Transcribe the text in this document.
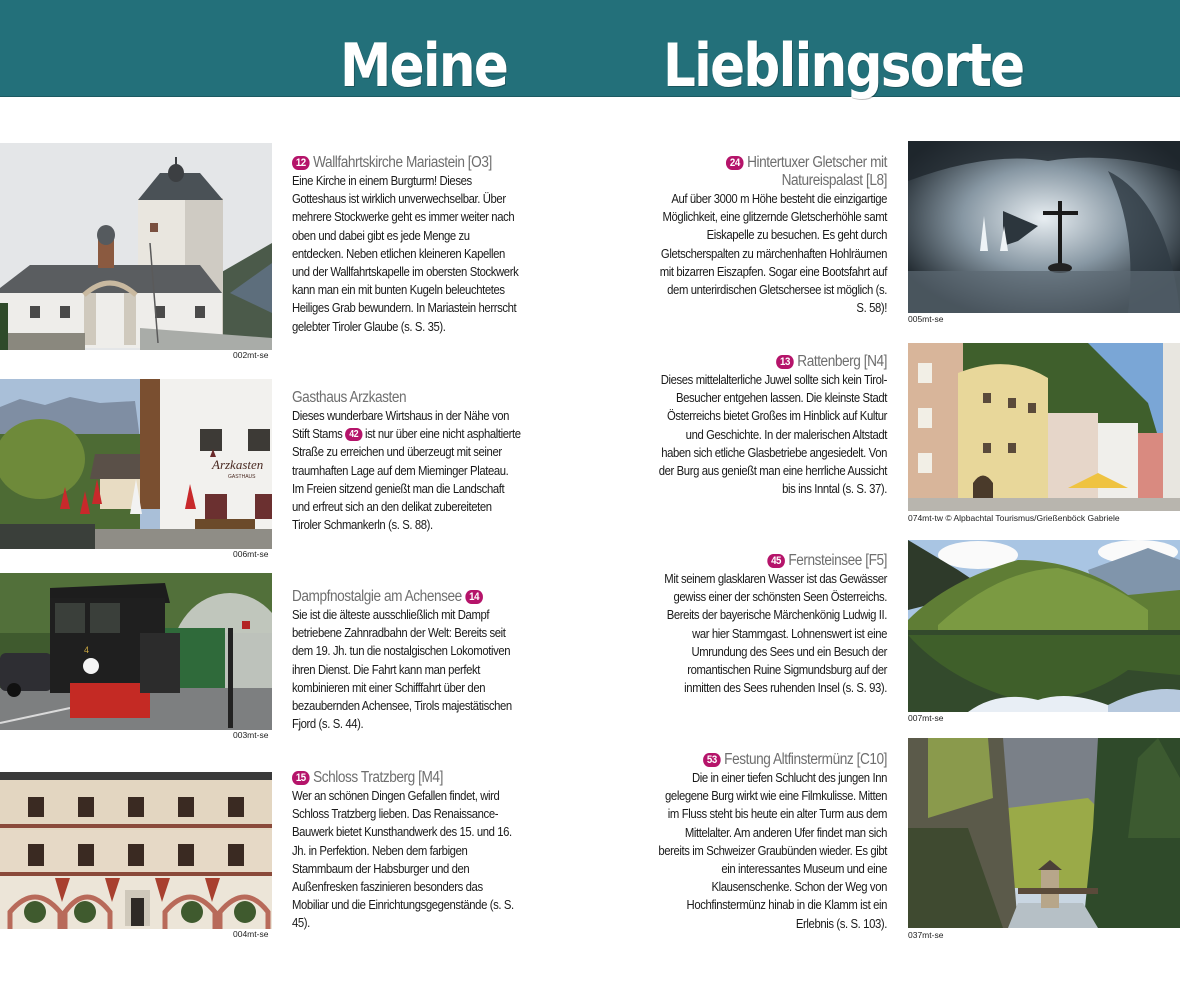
Meine	Lieblingsorte
002mt-se
Arzkasten
GASTHAUS
006mt-se
4
003mt-se
004mt-se
12 Wallfahrtskirche Mariastein [O3]

Eine Kirche in einem Burgturm! Dieses Gotteshaus ist wirklich unverwechselbar. Über mehrere Stockwerke geht es immer weiter nach oben und dabei gibt es jede Menge zu entdecken. Neben etlichen kleineren Kapellen und der Wallfahrtskapelle im obersten Stockwerk kann man ein mit bunten Kugeln beleuchtetes Heiliges Grab bewundern. In Mariastein herrscht gelebter Tiroler Glaube (s. S. 35).

Gasthaus Arzkasten

Dieses wunderbare Wirtshaus in der Nähe von Stift Stams 42 ist nur über eine nicht asphaltierte Straße zu erreichen und überzeugt mit seiner traumhaften Lage auf dem Mieminger Plateau. Im Freien sitzend genießt man die Landschaft und erfreut sich an den delikat zubereiteten Tiroler Schmankerln (s. S. 88).

Dampfnostalgie am Achensee 14

Sie ist die älteste ausschließlich mit Dampf betriebene Zahnradbahn der Welt: Bereits seit dem 19. Jh. tun die nostalgischen Lokomotiven ihren Dienst. Die Fahrt kann man perfekt kombinieren mit einer Schifffahrt über den bezaubernden Achensee, Tirols majestätischen Fjord (s. S. 44).

15 Schloss Tratzberg [M4]

Wer an schönen Dingen Gefallen findet, wird Schloss Tratzberg lieben. Das Renaissance-Bauwerk bietet Kunsthandwerk des 15. und 16. Jh. in Perfektion. Neben dem farbigen Stammbaum der Habsburger und den Außenfresken faszinieren besonders das Mobiliar und die Einrichtungsgegenstände (s. S. 45).

24 Hintertuxer Gletscher mit
Natureispalast [L8]

Auf über 3000 m Höhe besteht die einzigartige Möglichkeit, eine glitzernde Gletscherhöhle samt Eiskapelle zu besuchen. Es geht durch Gletscherspalten zu märchenhaften Hohlräumen mit bizarren Eiszapfen. Sogar eine Bootsfahrt auf dem unterirdischen Gletschersee ist möglich (s. S. 58)!

13 Rattenberg [N4]

Dieses mittelalterliche Juwel sollte sich kein Tirol-Besucher entgehen lassen. Die kleinste Stadt Österreichs bietet Großes im Hinblick auf Kultur und Geschichte. In der malerischen Altstadt haben sich etliche Glasbetriebe angesiedelt. Von der Burg aus genießt man eine herrliche Aussicht bis ins Inntal (s. S. 37).

45 Fernsteinsee [F5]

Mit seinem glasklaren Wasser ist das Gewässer gewiss einer der schönsten Seen Österreichs. Bereits der bayerische Märchenkönig Ludwig II. war hier Stammgast. Lohnenswert ist eine Umrundung des Sees und ein Besuch der romantischen Ruine Sigmundsburg auf der inmitten des Sees ruhenden Insel (s. S. 93).

53 Festung Altfinstermünz [C10]

Die in einer tiefen Schlucht des jungen Inn gelegene Burg wirkt wie eine Filmkulisse. Mitten im Fluss steht bis heute ein alter Turm aus dem Mittelalter. Am anderen Ufer findet man sich bereits im Schweizer Graubünden wieder. Es gibt ein interessantes Museum und eine Klausenschenke. Schon der Weg von Hochfinstermünz hinab in die Klamm ist ein Erlebnis (s. S. 103).

005mt-se
074mt-tw © Alpbachtal Tourismus/Grießenböck Gabriele
007mt-se
037mt-se
